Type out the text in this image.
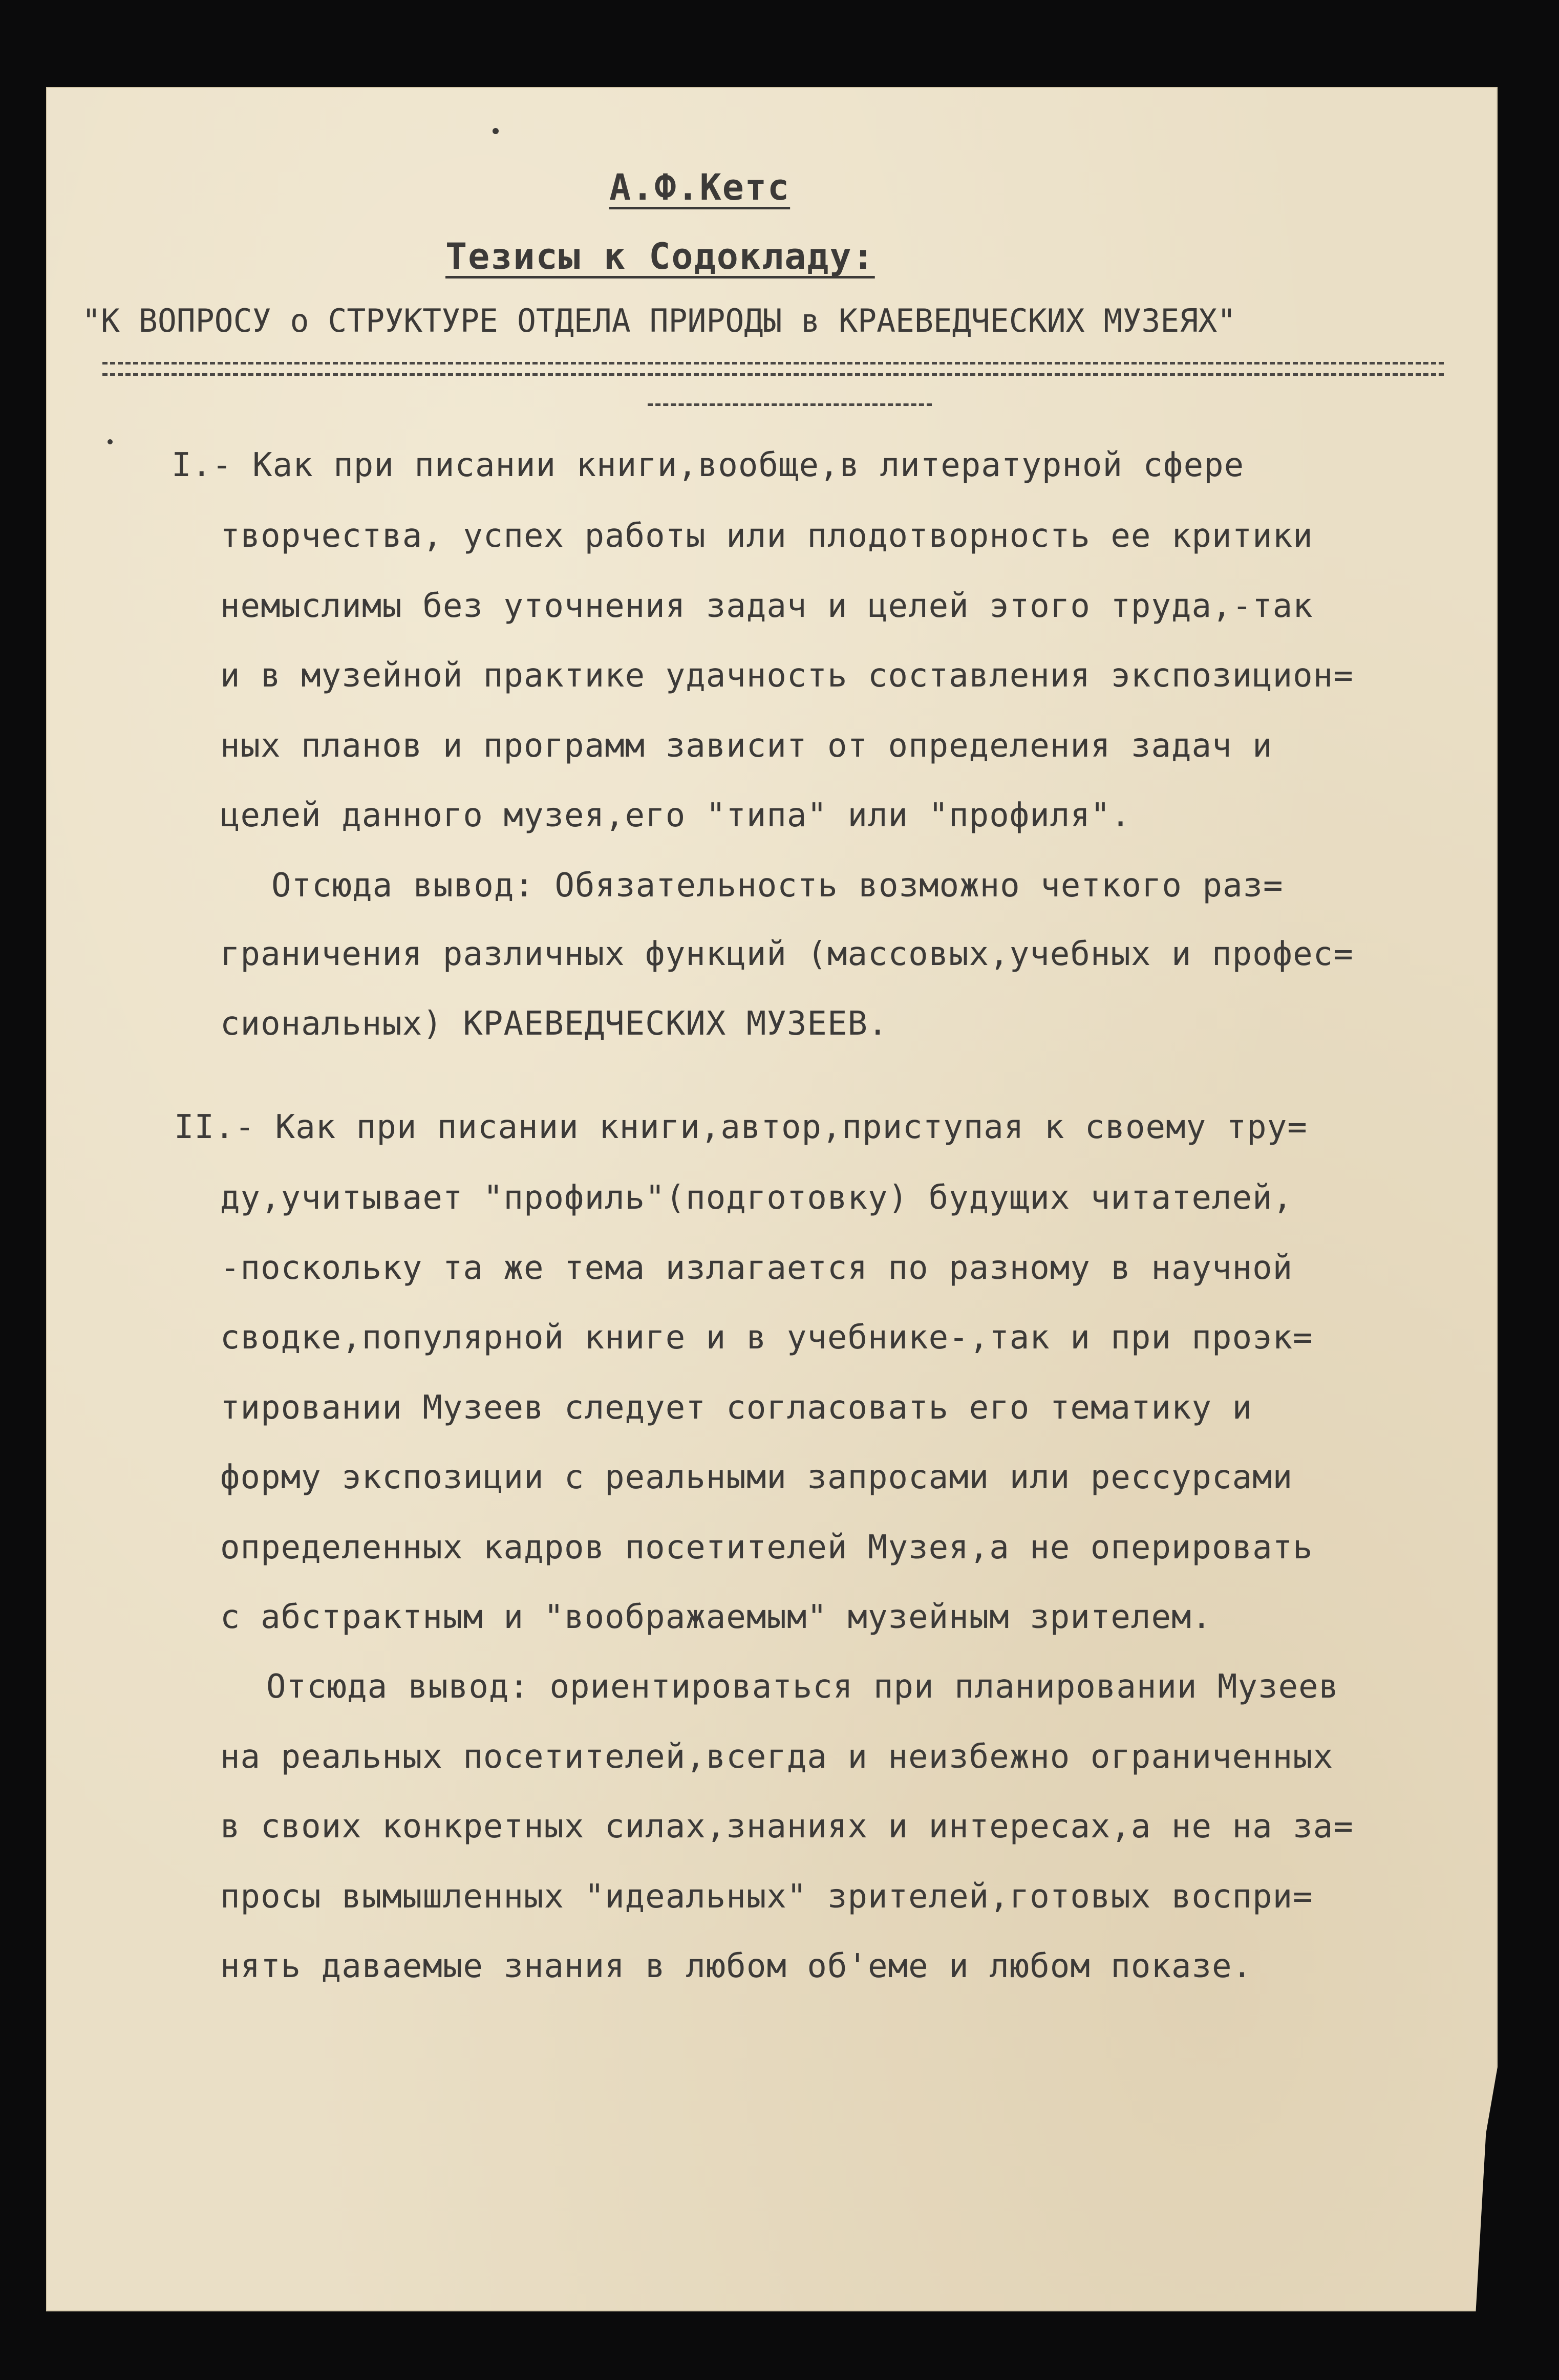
А.Ф.Кетс

Тезисы к Содокладу:

"К ВОПРОСУ о СТРУКТУРЕ ОТДЕЛА ПРИРОДЫ в КРАЕВЕДЧЕСКИХ МУЗЕЯХ"

I.- Как при писании книги,вообще,в литературной сфере

творчества, успех работы или плодотворность ее критики

немыслимы без уточнения задач и целей этого труда,-так

и в музейной практике удачность составления экспозицион=

ных планов и программ зависит от определения задач и

целей данного музея,его "типа" или "профиля".

Отсюда вывод: Обязательность возможно четкого раз=

граничения различных функций (массовых,учебных и профес=

сиональных) КРАЕВЕДЧЕСКИХ МУЗЕЕВ.

II.- Как при писании книги,автор,приступая к своему тру=

ду,учитывает "профиль"(подготовку) будущих читателей,

-поскольку та же тема излагается по разному в научной

сводке,популярной книге и в учебнике-,так и при проэк=

тировании Музеев следует согласовать его тематику и

форму экспозиции с реальными запросами или рессурсами

определенных кадров посетителей Музея,а не оперировать

с абстрактным и "воображаемым" музейным зрителем.

Отсюда вывод: ориентироваться при планировании Музеев

на реальных посетителей,всегда и неизбежно ограниченных

в своих конкретных силах,знаниях и интересах,а не на за=

просы вымышленных "идеальных" зрителей,готовых воспри=

нять даваемые знания в любом об'еме и любом показе.
